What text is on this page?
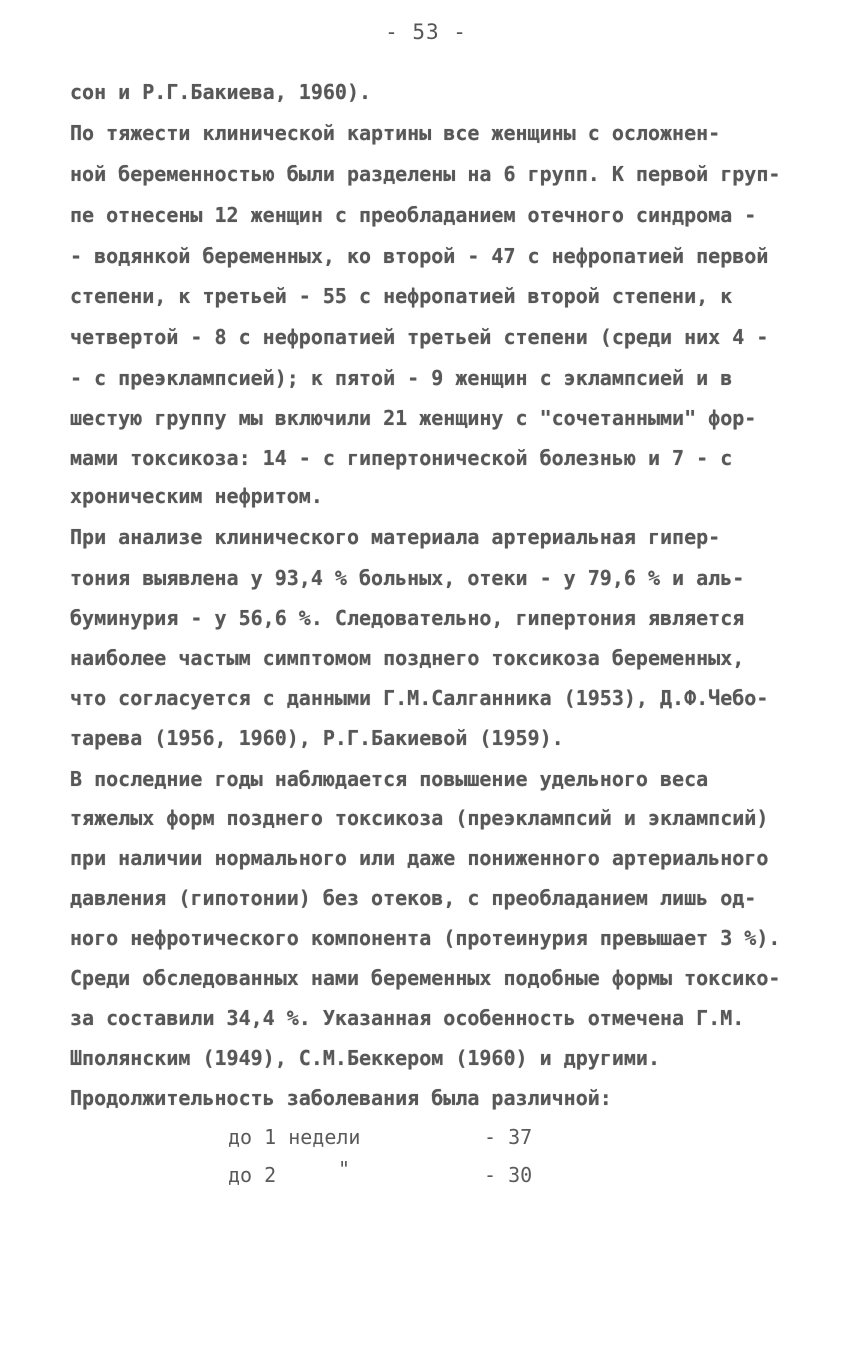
- 53 -
сон и Р.Г.Бакиева, 1960).
По тяжести клинической картины все женщины с осложнен-
ной беременностью были разделены на 6 групп. К первой груп-
пе отнесены 12 женщин с преобладанием отечного синдрома -
- водянкой беременных, ко второй - 47 с нефропатией первой
степени, к третьей - 55 с нефропатией второй степени, к
четвертой - 8 с нефропатией третьей степени (среди них 4 -
- с преэклампсией); к пятой - 9 женщин с эклампсией и в
шестую группу мы включили 21 женщину с "сочетанными" фор-
мами токсикоза: 14 - с гипертонической болезнью и 7 - с
хроническим нефритом.
При анализе клинического материала артериальная гипер-
тония выявлена у 93,4 % больных, отеки - у 79,6 % и аль-
буминурия - у 56,6 %. Следовательно, гипертония является
наиболее частым симптомом позднего токсикоза беременных,
что согласуется с данными Г.М.Салганника (1953), Д.Ф.Чебо-
тарева (1956, 1960), Р.Г.Бакиевой (1959).
В последние годы наблюдается повышение удельного веса
тяжелых форм позднего токсикоза (преэклампсий и эклампсий)
при наличии нормального или даже пониженного артериального
давления (гипотонии) без отеков, с преобладанием лишь од-
ного нефротического компонента (протеинурия превышает 3 %).
Среди обследованных нами беременных подобные формы токсико-
за составили 34,4 %. Указанная особенность отмечена Г.М.
Шполянским (1949), С.М.Беккером (1960) и другими.
Продолжительность заболевания была различной:
до 1 недели	- 37
до 2	"	- 30
